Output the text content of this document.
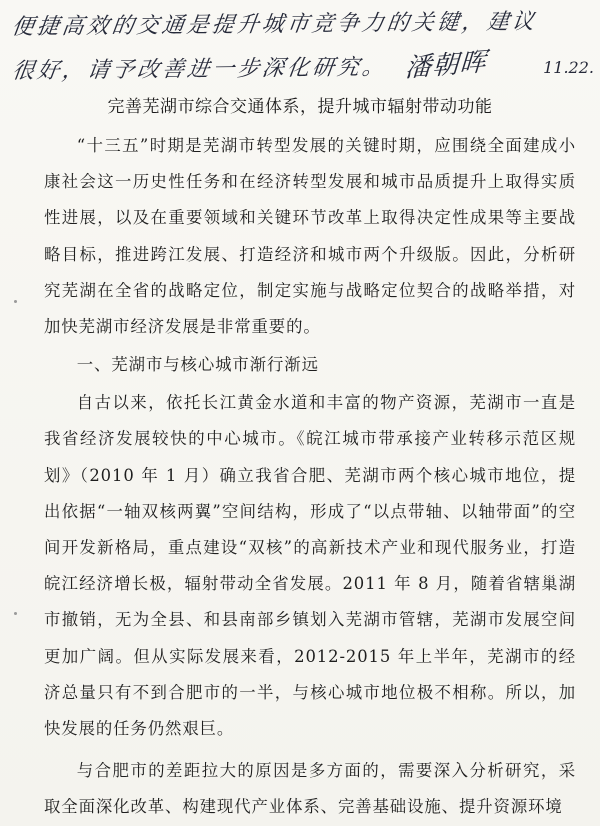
便捷高效的交通是提升城市竞争力的关键，建议
很好，请予改善进一步深化研究。 潘朝晖	11.22.
完善芜湖市综合交通体系，提升城市辐射带动功能

“十三五”时期是芜湖市转型发展的关键时期，应围绕全面建成小康社会这一历史性任务和在经济转型发展和城市品质提升上取得实质性进展，以及在重要领域和关键环节改革上取得决定性成果等主要战略目标，推进跨江发展、打造经济和城市两个升级版。因此，分析研究芜湖在全省的战略定位，制定实施与战略定位契合的战略举措，对加快芜湖市经济发展是非常重要的。

一、芜湖市与核心城市渐行渐远

自古以来，依托长江黄金水道和丰富的物产资源，芜湖市一直是我省经济发展较快的中心城市。《皖江城市带承接产业转移示范区规划》（2010 年 1 月）确立我省合肥、芜湖市两个核心城市地位，提出依据“一轴双核两翼”空间结构，形成了“以点带轴、以轴带面”的空间开发新格局，重点建设“双核”的高新技术产业和现代服务业，打造皖江经济增长极，辐射带动全省发展。2011 年 8 月，随着省辖巢湖市撤销，无为全县、和县南部乡镇划入芜湖市管辖，芜湖市发展空间更加广阔。但从实际发展来看，2012-2015 年上半年，芜湖市的经济总量只有不到合肥市的一半，与核心城市地位极不相称。所以，加快发展的任务仍然艰巨。

与合肥市的差距拉大的原因是多方面的，需要深入分析研究，采取全面深化改革、构建现代产业体系、完善基础设施、提升资源环境
